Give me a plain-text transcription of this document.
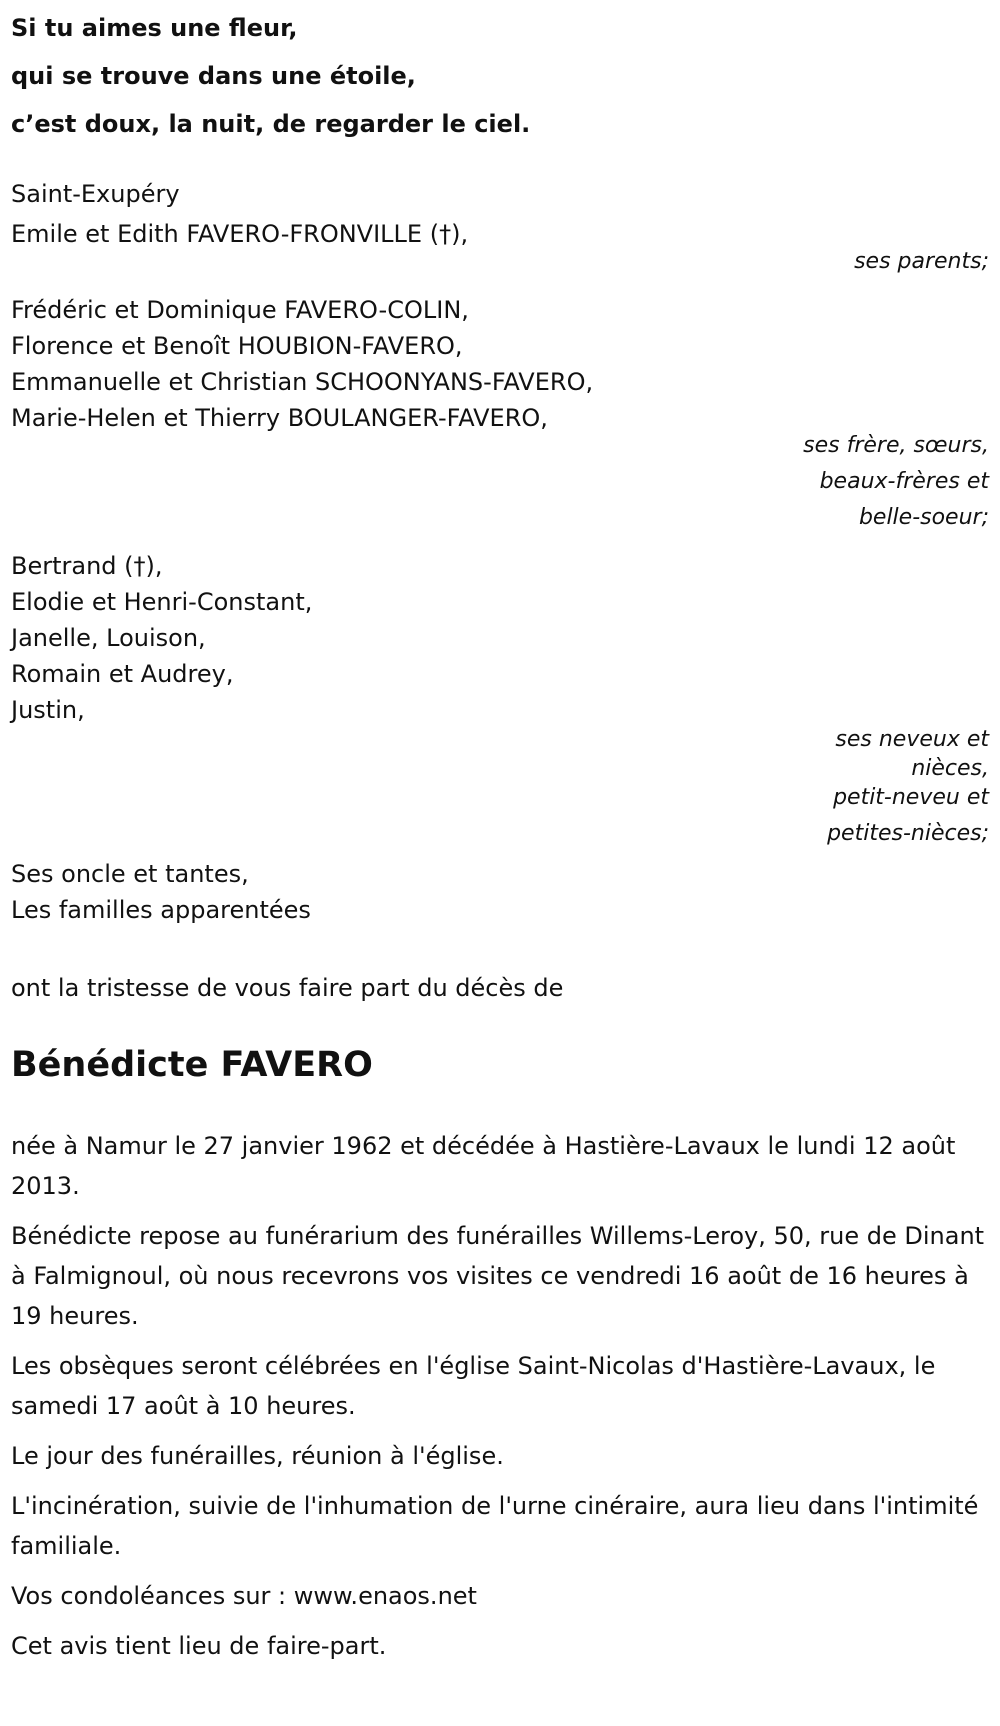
Si tu aimes une fleur,

qui se trouve dans une étoile,

c’est doux, la nuit, de regarder le ciel.

Saint-Exupéry

Emile et Edith FAVERO-FRONVILLE (†),

ses parents;

Frédéric et Dominique FAVERO-COLIN,

Florence et Benoît HOUBION-FAVERO,

Emmanuelle et Christian SCHOONYANS-FAVERO,

Marie-Helen et Thierry BOULANGER-FAVERO,

ses frère, sœurs,

beaux-frères et

belle-soeur;

Bertrand (†),

Elodie et Henri-Constant,

Janelle, Louison,

Romain et Audrey,

Justin,

ses neveux et

nièces,

petit-neveu et

petites-nièces;

Ses oncle et tantes,

Les familles apparentées

ont la tristesse de vous faire part du décès de

Bénédicte FAVERO

née à Namur le 27 janvier 1962 et décédée à Hastière-Lavaux le lundi 12 août 2013.

Bénédicte repose au funérarium des funérailles Willems-Leroy, 50, rue de Dinant à Falmignoul, où nous recevrons vos visites ce vendredi 16 août de 16 heures à 19 heures.

Les obsèques seront célébrées en l'église Saint-Nicolas d'Hastière-Lavaux, le samedi 17 août à 10 heures.

Le jour des funérailles, réunion à l'église.

L'incinération, suivie de l'inhumation de l'urne cinéraire, aura lieu dans l'intimité familiale.

Vos condoléances sur : www.enaos.net

Cet avis tient lieu de faire-part.
